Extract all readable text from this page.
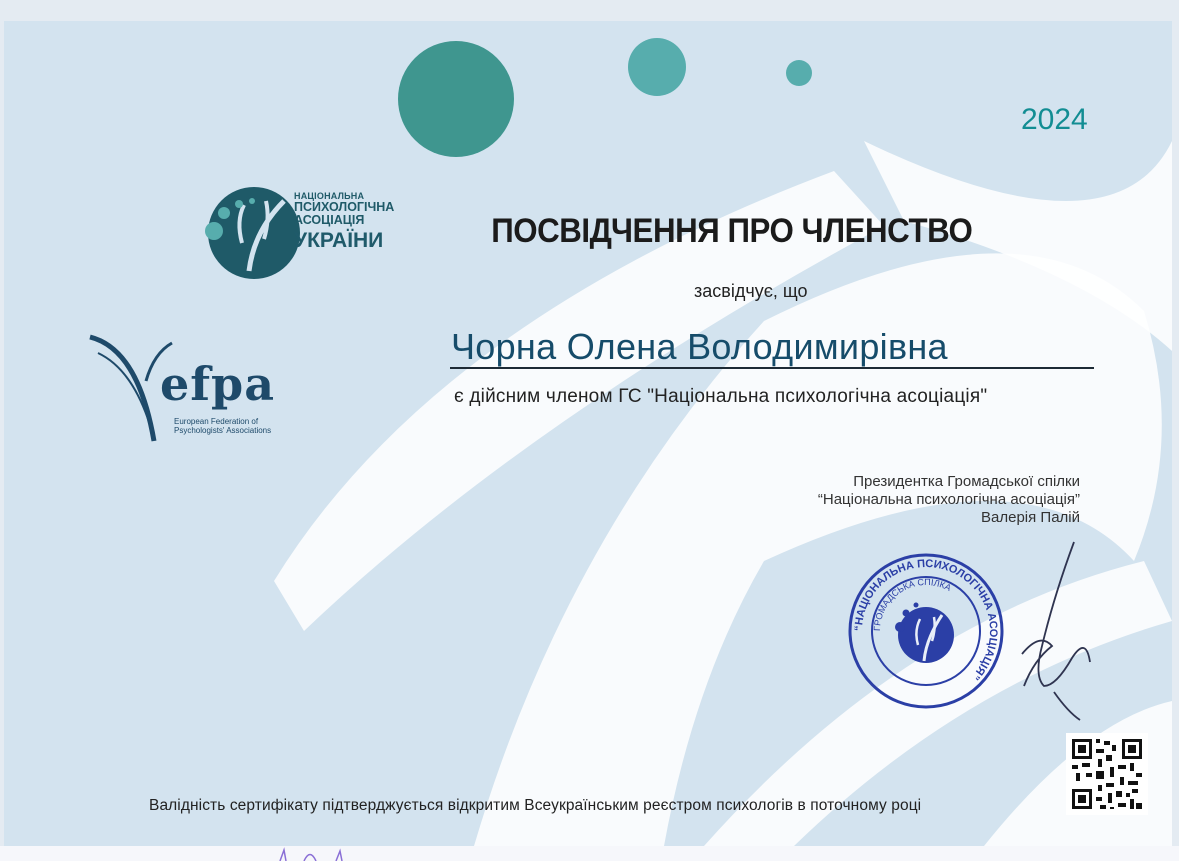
2024
НАЦІОНАЛЬНА
ПСИХОЛОГІЧНА
АСОЦІАЦІЯ
УКРАЇНИ
efpa
European Federation of
Psychologists' Associations
ПОСВІДЧЕННЯ ПРО ЧЛЕНСТВО
засвідчує, що
Чорна Олена Володимирівна
є дійсним членом ГС "Національна психологічна асоціація"
Президентка Громадської спілки
“Національна психологічна асоціація”
Валерія Палій
“НАЦІОНАЛЬНА ПСИХОЛОГІЧНА АСОЦІАЦІЯ”
ГРОМАДСЬКА СПІЛКА
Валідність сертифікату підтверджується відкритим Всеукраїнським реєстром психологів в поточному році
